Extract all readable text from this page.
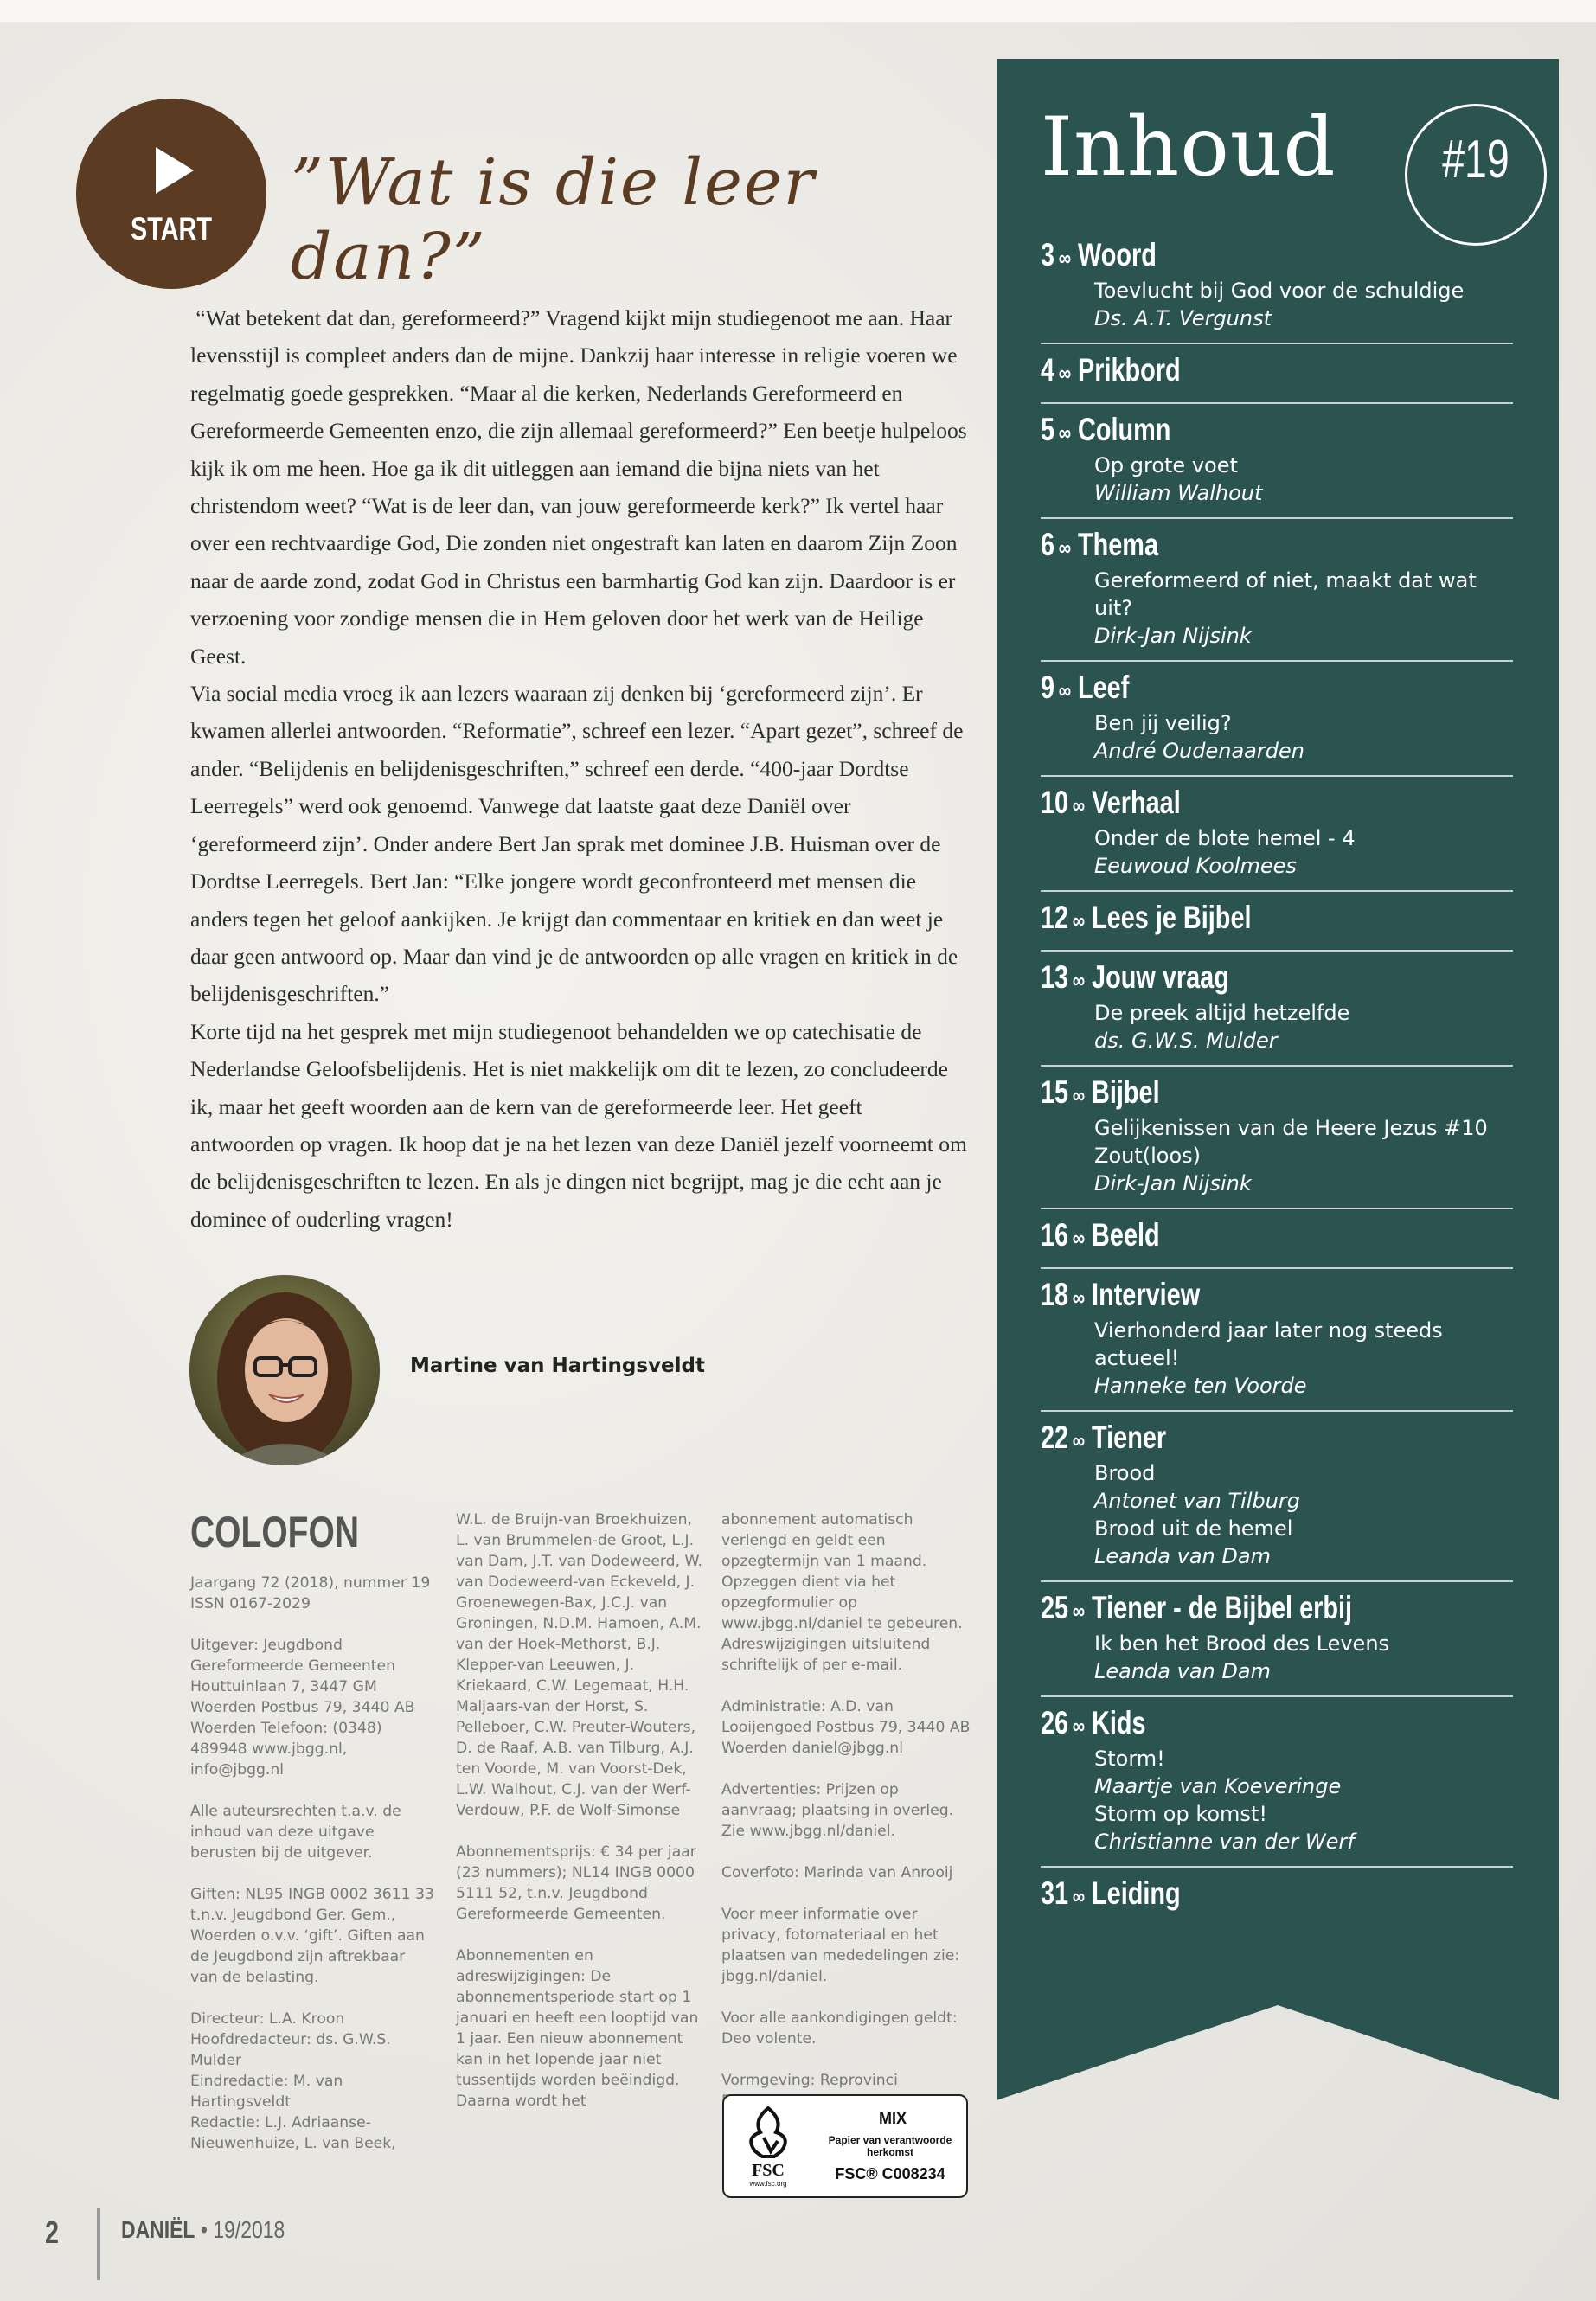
START
”Wat is die leer dan?”

“Wat betekent dat dan, gereformeerd?” Vragend kijkt mijn studiegenoot me aan. Haar levensstijl is compleet anders dan de mijne. Dankzij haar interesse in religie voeren we regelmatig goede gesprekken. “Maar al die kerken, Nederlands Gereformeerd en Gereformeerde Gemeenten enzo, die zijn allemaal gereformeerd?” Een beetje hulpeloos kijk ik om me heen. Hoe ga ik dit uitleggen aan iemand die bijna niets van het christendom weet? “Wat is de leer dan, van jouw gereformeerde kerk?” Ik vertel haar over een rechtvaardige God, Die zonden niet ongestraft kan laten en daarom Zijn Zoon naar de aarde zond, zodat God in Christus een barmhartig God kan zijn. Daardoor is er verzoening voor zondige mensen die in Hem geloven door het werk van de Heilige Geest.

Via social media vroeg ik aan lezers waaraan zij denken bij ‘gereformeerd zijn’. Er kwamen allerlei antwoorden. “Reformatie”, schreef een lezer. “Apart gezet”, schreef de ander. “Belijdenis en belijdenisgeschriften,” schreef een derde. “400-jaar Dordtse Leerregels” werd ook genoemd. Vanwege dat laatste gaat deze Daniël over ‘gereformeerd zijn’. Onder andere Bert Jan sprak met dominee J.B. Huisman over de Dordtse Leerregels. Bert Jan: “Elke jongere wordt geconfronteerd met mensen die anders tegen het geloof aankijken. Je krijgt dan commentaar en kritiek en dan weet je daar geen antwoord op. Maar dan vind je de antwoorden op alle vragen en kritiek in de belijdenisgeschriften.”

Korte tijd na het gesprek met mijn studiegenoot behandelden we op catechisatie de Nederlandse Geloofsbelijdenis. Het is niet makkelijk om dit te lezen, zo concludeerde ik, maar het geeft woorden aan de kern van de gereformeerde leer. Het geeft antwoorden op vragen. Ik hoop dat je na het lezen van deze Daniël jezelf voorneemt om de belijdenisgeschriften te lezen. En als je dingen niet begrijpt, mag je die echt aan je dominee of ouderling vragen!

Martine van Hartingsveldt
COLOFON

Jaargang 72 (2018), nummer 19
ISSN 0167-2029

Uitgever: Jeugdbond Gereformeerde Gemeenten Houttuinlaan 7, 3447 GM Woerden Postbus 79, 3440 AB Woerden Telefoon: (0348) 489948 www.jbgg.nl, info@jbgg.nl

Alle auteursrechten t.a.v. de inhoud van deze uitgave berusten bij de uitgever.

Giften: NL95 INGB 0002 3611 33 t.n.v. Jeugdbond Ger. Gem., Woerden o.v.v. ‘gift’. Giften aan de Jeugdbond zijn aftrekbaar van de belasting.

Directeur: L.A. Kroon
Hoofdredacteur: ds. G.W.S. Mulder
Eindredactie: M. van Hartingsveldt
Redactie: L.J. Adriaanse-Nieuwenhuize, L. van Beek,

W.L. de Bruijn-van Broekhuizen, L. van Brummelen-de Groot, L.J. van Dam, J.T. van Dodeweerd, W. van Dodeweerd-van Eckeveld, J. Groenewegen-Bax, J.C.J. van Groningen, N.D.M. Hamoen, A.M. van der Hoek-Methorst, B.J. Klepper-van Leeuwen, J. Kriekaard, C.W. Legemaat, H.H. Maljaars-van der Horst, S. Pelleboer, C.W. Preuter-Wouters, D. de Raaf, A.B. van Tilburg, A.J. ten Voorde, M. van Voorst-Dek, L.W. Walhout, C.J. van der Werf-Verdouw, P.F. de Wolf-Simonse

Abonnementsprijs: € 34 per jaar (23 nummers); NL14 INGB 0000 5111 52, t.n.v. Jeugdbond Gereformeerde Gemeenten.

Abonnementen en adreswijzigingen: De abonnementsperiode start op 1 januari en heeft een looptijd van 1 jaar. Een nieuw abonnement kan in het lopende jaar niet tussentijds worden beëindigd. Daarna wordt het

abonnement automatisch verlengd en geldt een opzegtermijn van 1 maand. Opzeggen dient via het opzegformulier op www.jbgg.nl/daniel te gebeuren. Adreswijzigingen uitsluitend schriftelijk of per e-mail.

Administratie: A.D. van Looijengoed Postbus 79, 3440 AB Woerden daniel@jbgg.nl

Advertenties: Prijzen op aanvraag; plaatsing in overleg. Zie www.jbgg.nl/daniel.

Coverfoto: Marinda van Anrooij

Voor meer informatie over privacy, fotomateriaal en het plaatsen van mededelingen zie: jbgg.nl/daniel.

Voor alle aankondigingen geldt: Deo volente.

Vormgeving: Reprovinci

FSC
www.fsc.org
MIX
Papier van verantwoorde herkomst
FSC® C008234
2	DANIËL • 19/2018
Inhoud	#19
3 ∞ Woord
Toevlucht bij God voor de schuldige
Ds. A.T. Vergunst
4 ∞ Prikbord
5 ∞ Column
Op grote voet
William Walhout
6 ∞ Thema
Gereformeerd of niet, maakt dat wat uit?
Dirk-Jan Nijsink
9 ∞ Leef
Ben jij veilig?
André Oudenaarden
10 ∞ Verhaal
Onder de blote hemel - 4
Eeuwoud Koolmees
12 ∞ Lees je Bijbel
13 ∞ Jouw vraag
De preek altijd hetzelfde
ds. G.W.S. Mulder
15 ∞ Bijbel
Gelijkenissen van de Heere Jezus #10
Zout(loos)
Dirk-Jan Nijsink
16 ∞ Beeld
18 ∞ Interview
Vierhonderd jaar later nog steeds actueel!
Hanneke ten Voorde
22 ∞ Tiener
Brood
Antonet van Tilburg
Brood uit de hemel
Leanda van Dam
25 ∞ Tiener - de Bijbel erbij
Ik ben het Brood des Levens
Leanda van Dam
26 ∞ Kids
Storm!
Maartje van Koeveringe
Storm op komst!
Christianne van der Werf
31 ∞ Leiding
